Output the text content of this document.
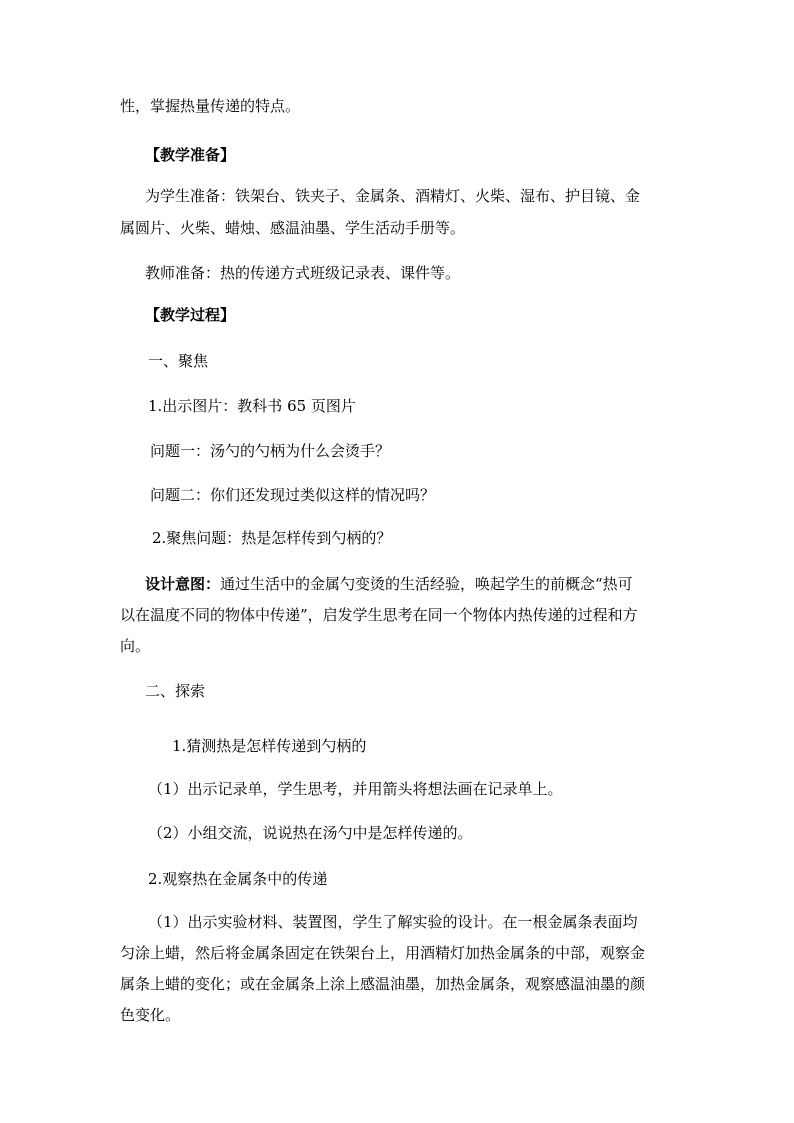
性，掌握热量传递的特点。
【教学准备】
为学生准备：铁架台、铁夹子、金属条、酒精灯、火柴、湿布、护目镜、金
属圆片、火柴、蜡烛、感温油墨、学生活动手册等。
教师准备：热的传递方式班级记录表、课件等。
【教学过程】
一、聚焦
1.出示图片：教科书 65 页图片
问题一：汤勺的勺柄为什么会烫手？
问题二：你们还发现过类似这样的情况吗？
2.聚焦问题：热是怎样传到勺柄的？
设计意图：通过生活中的金属勺变烫的生活经验，唤起学生的前概念“热可
以在温度不同的物体中传递”，启发学生思考在同一个物体内热传递的过程和方
向。
二、探索
1.猜测热是怎样传递到勺柄的
（1）出示记录单，学生思考，并用箭头将想法画在记录单上。
（2）小组交流，说说热在汤勺中是怎样传递的。
2.观察热在金属条中的传递
（1）出示实验材料、装置图，学生了解实验的设计。在一根金属条表面均
匀涂上蜡，然后将金属条固定在铁架台上，用酒精灯加热金属条的中部，观察金
属条上蜡的变化；或在金属条上涂上感温油墨，加热金属条，观察感温油墨的颜
色变化。
